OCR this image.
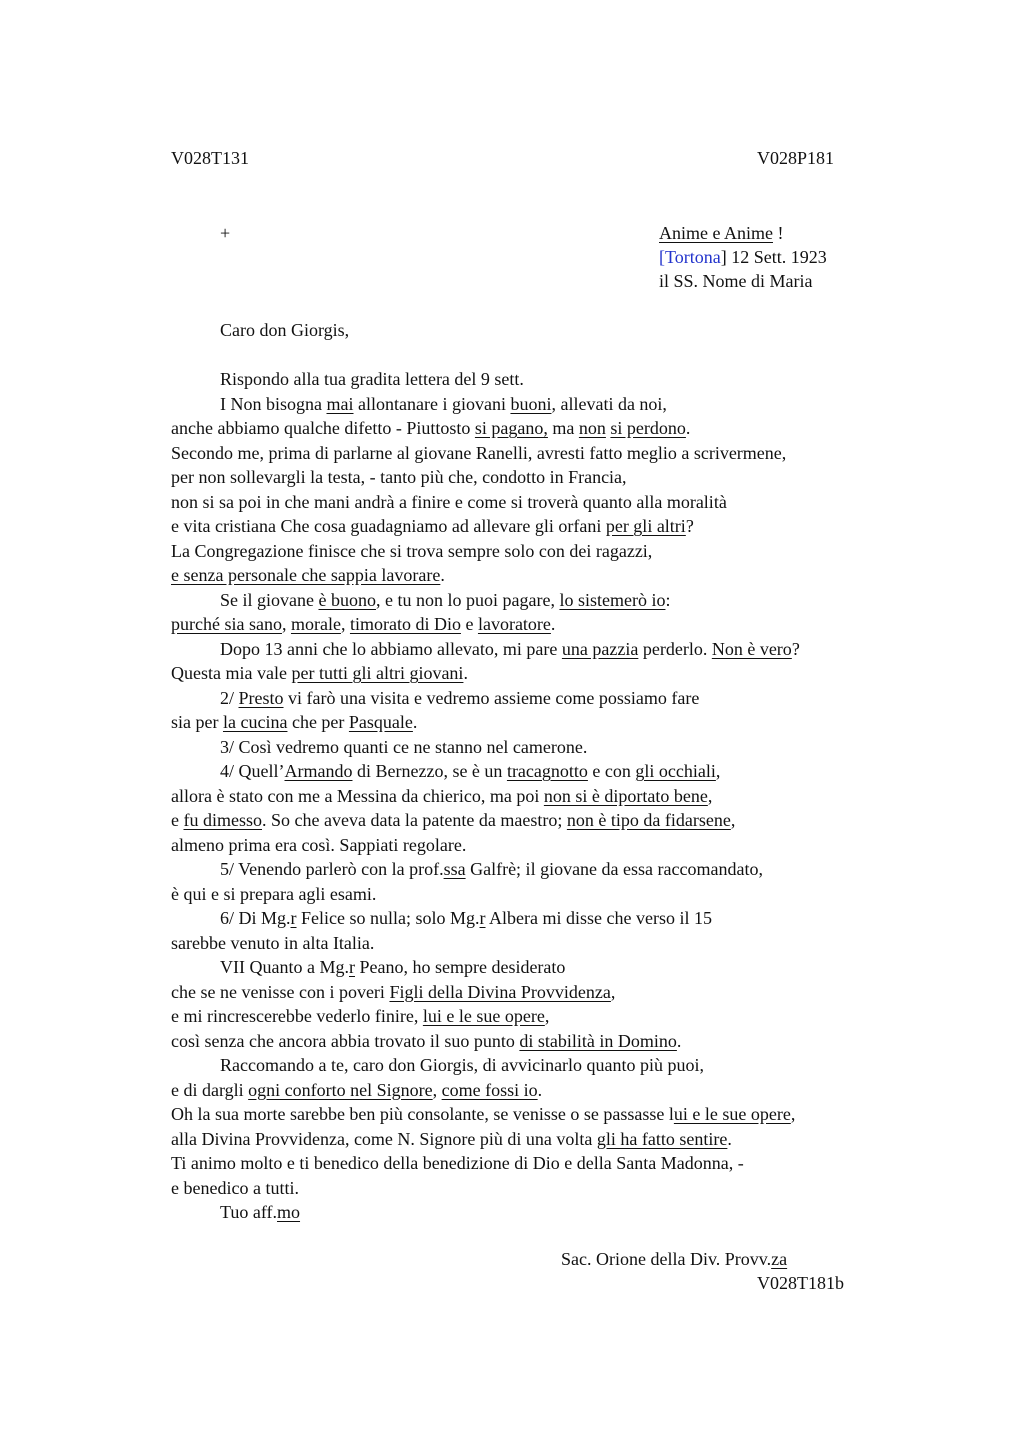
V028T131	V028P181
+	Anime e Anime !
[Tortona] 12 Sett. 1923
il SS. Nome di Maria
Caro don Giorgis,
Rispondo alla tua gradita lettera del 9 sett.
I Non bisogna mai allontanare i giovani buoni, allevati da noi,
anche abbiamo qualche difetto - Piuttosto si pagano, ma non si perdono.
Secondo me, prima di parlarne al giovane Ranelli, avresti fatto meglio a scrivermene,
per non sollevargli la testa, - tanto più che, condotto in Francia,
non si sa poi in che mani andrà a finire e come si troverà quanto alla moralità
e vita cristiana Che cosa guadagniamo ad allevare gli orfani per gli altri?
La Congregazione finisce che si trova sempre solo con dei ragazzi,
e senza personale che sappia lavorare.
Se il giovane è buono, e tu non lo puoi pagare, lo sistemerò io:
purché sia sano, morale, timorato di Dio e lavoratore.
Dopo 13 anni che lo abbiamo allevato, mi pare una pazzia perderlo. Non è vero?
Questa mia vale per tutti gli altri giovani.
2/ Presto vi farò una visita e vedremo assieme come possiamo fare
sia per la cucina che per Pasquale.
3/ Così vedremo quanti ce ne stanno nel camerone.
4/ Quell’Armando di Bernezzo, se è un tracagnotto e con gli occhiali,
allora è stato con me a Messina da chierico, ma poi non si è diportato bene,
e fu dimesso. So che aveva data la patente da maestro; non è tipo da fidarsene,
almeno prima era così. Sappiati regolare.
5/ Venendo parlerò con la prof.ssa Galfrè; il giovane da essa raccomandato,
è qui e si prepara agli esami.
6/ Di Mg.r Felice so nulla; solo Mg.r Albera mi disse che verso il 15
sarebbe venuto in alta Italia.
VII Quanto a Mg.r Peano, ho sempre desiderato
che se ne venisse con i poveri Figli della Divina Provvidenza,
e mi rincrescerebbe vederlo finire, lui e le sue opere,
così senza che ancora abbia trovato il suo punto di stabilità in Domino.
Raccomando a te, caro don Giorgis, di avvicinarlo quanto più puoi,
e di dargli ogni conforto nel Signore, come fossi io.
Oh la sua morte sarebbe ben più consolante, se venisse o se passasse lui e le sue opere,
alla Divina Provvidenza, come N. Signore più di una volta gli ha fatto sentire.
Ti animo molto e ti benedico della benedizione di Dio e della Santa Madonna, -
e benedico a tutti.
Tuo aff.mo
Sac. Orione della Div. Provv.za
V028T181b
